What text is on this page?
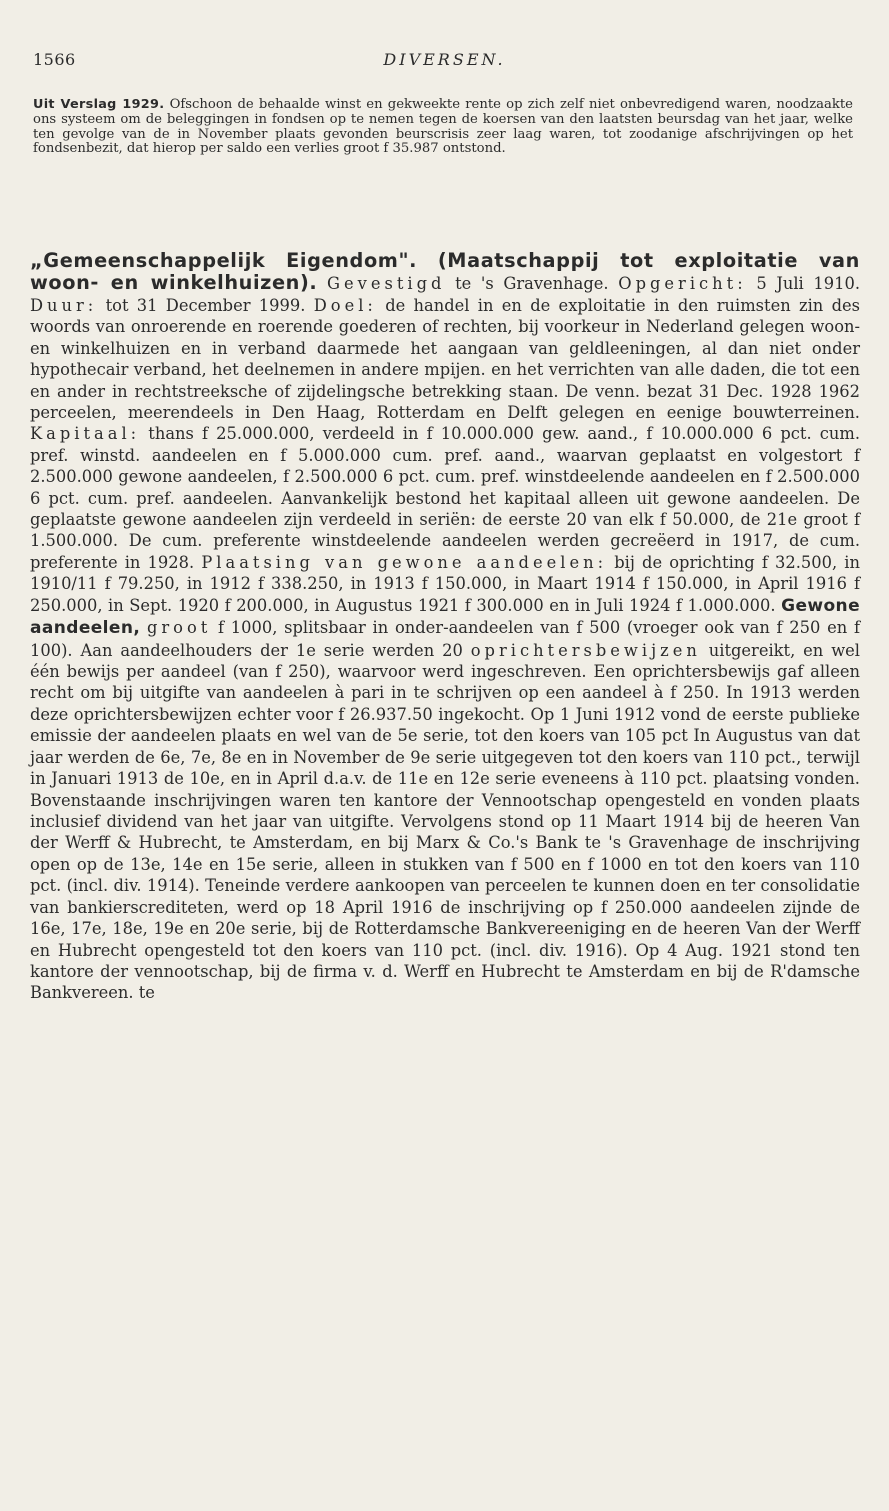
1566	DIVERSEN.

Uit Verslag 1929. Ofschoon de behaalde winst en gekweekte rente op zich zelf niet onbevredigend waren, noodzaakte ons systeem om de beleggingen in fondsen op te nemen tegen de koersen van den laatsten beursdag van het jaar, welke ten gevolge van de in November plaats gevonden beurscrisis zeer laag waren, tot zoodanige afschrijvingen op het fondsenbezit, dat hierop per saldo een verlies groot f 35.987 ontstond.

„Gemeenschappelijk Eigendom". (Maatschappij tot exploitatie van woon- en winkelhuizen). Gevestigd te 's Gravenhage. Opgericht: 5 Juli 1910. Duur: tot 31 December 1999. Doel: de handel in en de exploitatie in den ruimsten zin des woords van onroerende en roerende goederen of rechten, bij voorkeur in Nederland gelegen woon- en winkelhuizen en in verband daarmede het aangaan van geldleeningen, al dan niet onder hypothecair verband, het deelnemen in andere mpijen. en het verrichten van alle daden, die tot een en ander in rechtstreeksche of zijdelingsche betrekking staan. De venn. bezat 31 Dec. 1928 1962 perceelen, meerendeels in Den Haag, Rotterdam en Delft gelegen en eenige bouwterreinen. Kapitaal: thans f 25.000.000, verdeeld in f 10.000.000 gew. aand., f 10.000.000 6 pct. cum. pref. winstd. aandeelen en f 5.000.000 cum. pref. aand., waarvan geplaatst en volgestort f 2.500.000 gewone aandeelen, f 2.500.000 6 pct. cum. pref. winstdeelende aandeelen en f 2.500.000 6 pct. cum. pref. aandeelen. Aanvankelijk bestond het kapitaal alleen uit gewone aandeelen. De geplaatste gewone aandeelen zijn verdeeld in seriën: de eerste 20 van elk f 50.000, de 21e groot f 1.500.000. De cum. preferente winstdeelende aandeelen werden gecreëerd in 1917, de cum. preferente in 1928. Plaatsing van gewone aandeelen: bij de oprichting f 32.500, in 1910/11 f 79.250, in 1912 f 338.250, in 1913 f 150.000, in Maart 1914 f 150.000, in April 1916 f 250.000, in Sept. 1920 f 200.000, in Augustus 1921 f 300.000 en in Juli 1924 f 1.000.000. Gewone aandeelen, groot f 1000, splitsbaar in onder-aandeelen van f 500 (vroeger ook van f 250 en f 100). Aan aandeelhouders der 1e serie werden 20 oprichtersbewijzen uitgereikt, en wel één bewijs per aandeel (van f 250), waarvoor werd ingeschreven. Een oprichtersbewijs gaf alleen recht om bij uitgifte van aandeelen à pari in te schrijven op een aandeel à f 250. In 1913 werden deze oprichtersbewijzen echter voor f 26.937.50 ingekocht. Op 1 Juni 1912 vond de eerste publieke emissie der aandeelen plaats en wel van de 5e serie, tot den koers van 105 pct In Augustus van dat jaar werden de 6e, 7e, 8e en in November de 9e serie uitgegeven tot den koers van 110 pct., terwijl in Januari 1913 de 10e, en in April d.a.v. de 11e en 12e serie eveneens à 110 pct. plaatsing vonden. Bovenstaande inschrijvingen waren ten kantore der Vennootschap opengesteld en vonden plaats inclusief dividend van het jaar van uitgifte. Vervolgens stond op 11 Maart 1914 bij de heeren Van der Werff & Hubrecht, te Amsterdam, en bij Marx & Co.'s Bank te 's Gravenhage de inschrijving open op de 13e, 14e en 15e serie, alleen in stukken van f 500 en f 1000 en tot den koers van 110 pct. (incl. div. 1914). Teneinde verdere aankoopen van perceelen te kunnen doen en ter consolidatie van bankierscrediteten, werd op 18 April 1916 de inschrijving op f 250.000 aandeelen zijnde de 16e, 17e, 18e, 19e en 20e serie, bij de Rotterdamsche Bankvereeniging en de heeren Van der Werff en Hubrecht opengesteld tot den koers van 110 pct. (incl. div. 1916). Op 4 Aug. 1921 stond ten kantore der vennootschap, bij de firma v. d. Werff en Hubrecht te Amsterdam en bij de R'damsche Bankvereen. te
